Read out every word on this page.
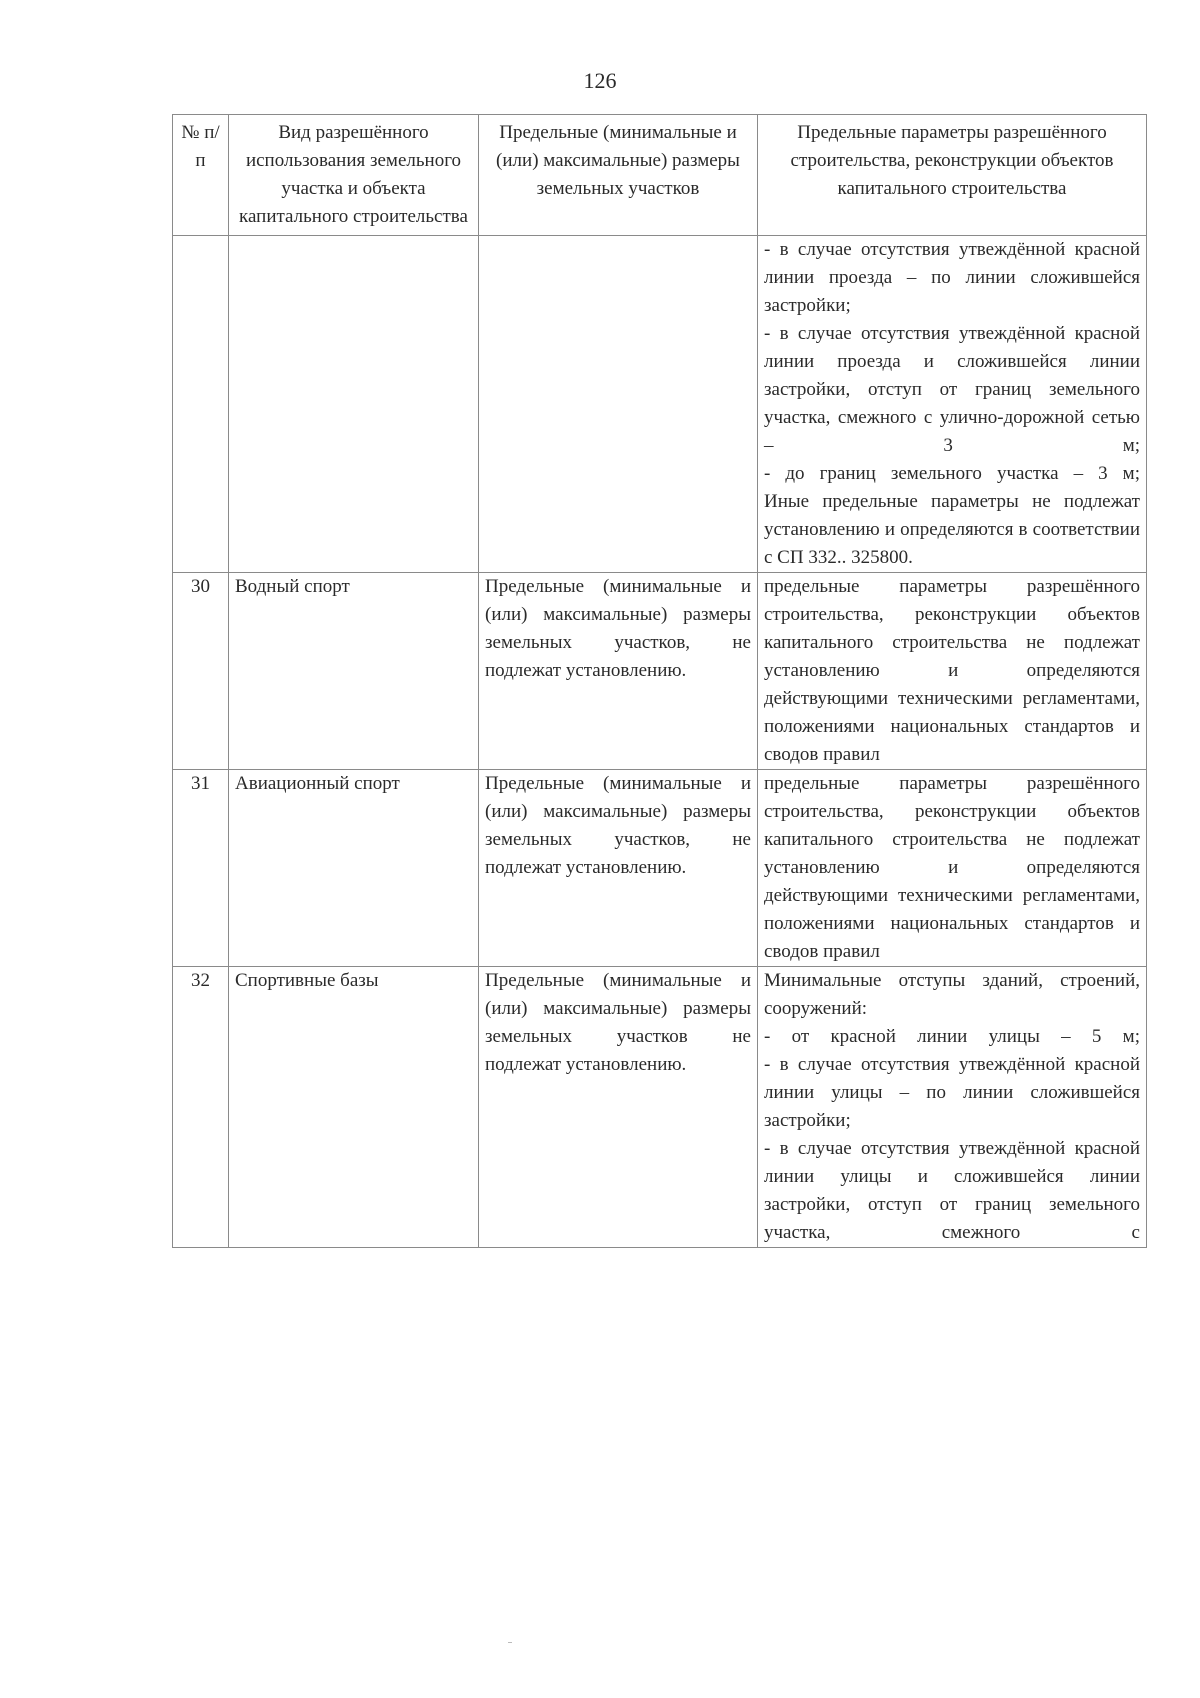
126
№ п/п	Вид разрешённого использования земельного участка и объекта капитального строительства	Предельные (минимальные и (или) максимальные) размеры земельных участков	Предельные параметры разрешённого строительства, реконструкции объектов капитального строительства

			- в случае отсутствия утвеждённой красной линии проезда – по линии сложившейся застройки;

- в случае отсутствия утвеждённой красной линии проезда и сложившейся линии застройки, отступ от границ земельного участка, смежного с улично-дорожной сетью – 3 м;

- до границ земельного участка – 3 м;

Иные предельные параметры не подлежат установлению и определяются в соответствии с СП 332.. 325800.

30	Водный спорт	Предельные (минимальные и (или) максимальные) размеры земельных участков, не подлежат установлению.	предельные параметры разрешённого строительства, реконструкции объектов капитального строительства не подлежат установлению и определяются действующими техническими регламентами, положениями национальных стандартов и сводов правил

31	Авиационный спорт	Предельные (минимальные и (или) максимальные) размеры земельных участков, не подлежат установлению.	предельные параметры разрешённого строительства, реконструкции объектов капитального строительства не подлежат установлению и определяются действующими техническими регламентами, положениями национальных стандартов и сводов правил

32	Спортивные базы	Предельные (минимальные и (или) максимальные) размеры земельных участков не подлежат установлению.	Минимальные отступы зданий, строений, сооружений:

- от красной линии улицы – 5 м;

- в случае отсутствия утвеждённой красной линии улицы – по линии сложившейся застройки;

- в случае отсутствия утвеждённой красной линии улицы и сложившейся линии застройки, отступ от границ земельного участка, смежного с
